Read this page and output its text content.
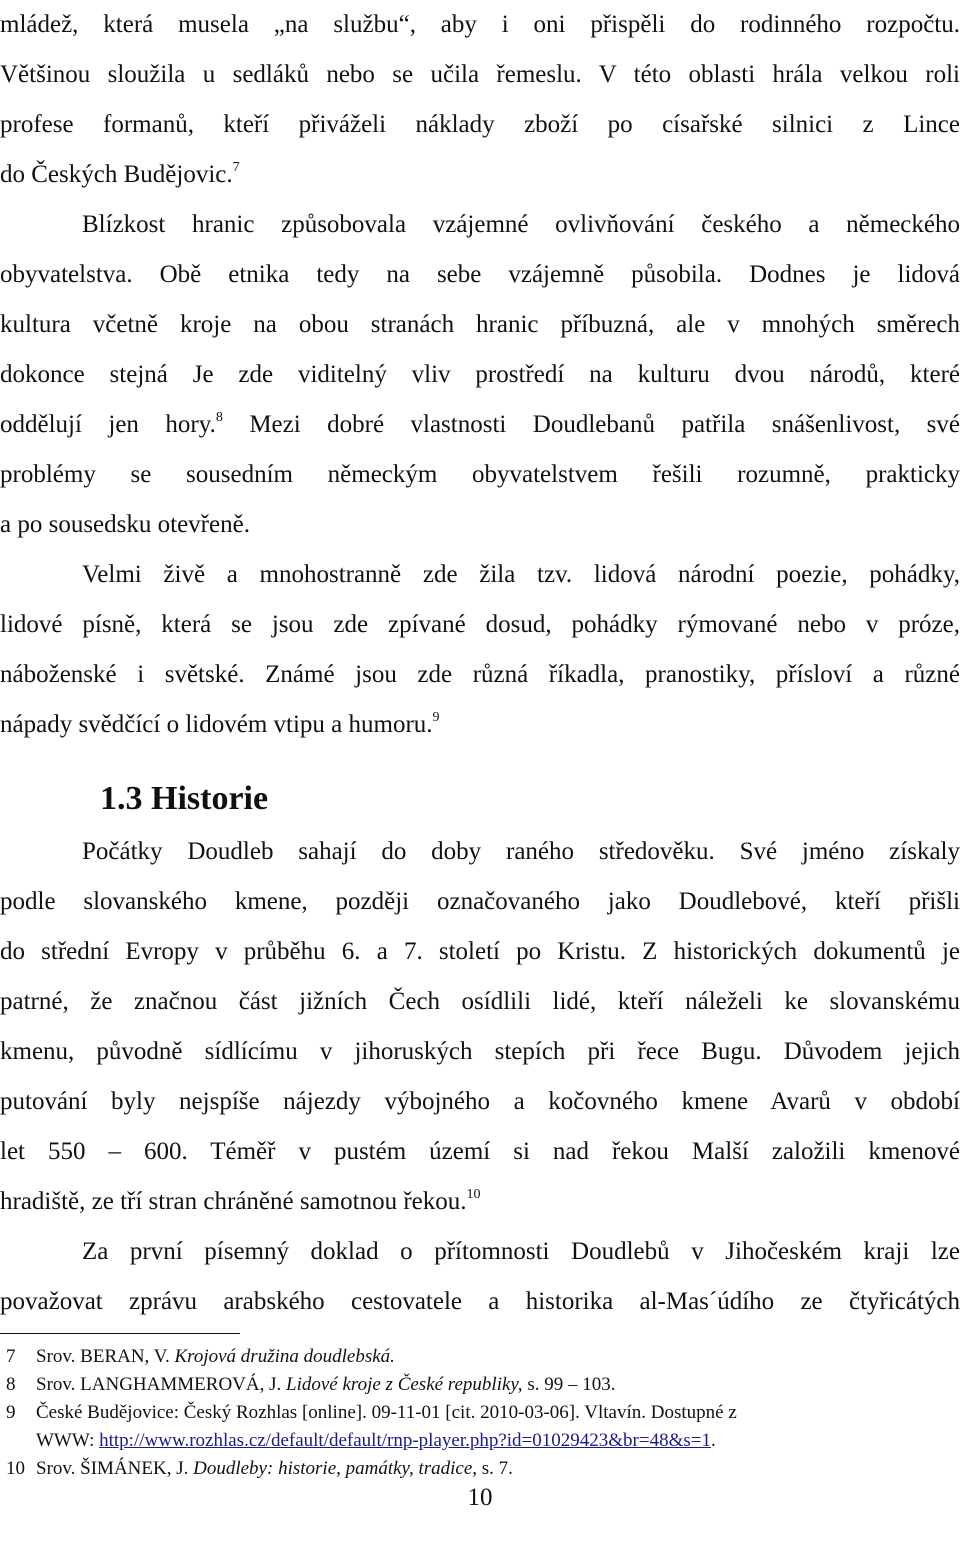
mládež, která musela „na službu“, aby i oni přispěli do rodinného rozpočtu.
Většinou sloužila u sedláků nebo se učila řemeslu. V této oblasti hrála velkou roli
profese formanů, kteří přiváželi náklady zboží po císařské silnici z Lince
do Českých Budějovic.$^7$
Blízkost hranic způsobovala vzájemné ovlivňování českého a německého
obyvatelstva. Obě etnika tedy na sebe vzájemně působila. Dodnes je lidová
kultura včetně kroje na obou stranách hranic příbuzná, ale v mnohých směrech
dokonce stejná Je zde viditelný vliv prostředí na kulturu dvou národů, které
oddělují jen hory.$^8$ Mezi dobré vlastnosti Doudlebanů patřila snášenlivost, své
problémy se sousedním německým obyvatelstvem řešili rozumně, prakticky
a po sousedsku otevřeně.
Velmi živě a mnohostranně zde žila tzv. lidová národní poezie, pohádky,
lidové písně, která se jsou zde zpívané dosud, pohádky rýmované nebo v próze,
náboženské i světské. Známé jsou zde různá říkadla, pranostiky, přísloví a různé
nápady svědčící o lidovém vtipu a humoru.$^9$
1.3 Historie
Počátky Doudleb sahají do doby raného středověku. Své jméno získaly
podle slovanského kmene, později označovaného jako Doudlebové, kteří přišli
do střední Evropy v průběhu 6. a 7. století po Kristu. Z historických dokumentů je
patrné, že značnou část jižních Čech osídlili lidé, kteří náleželi ke slovanskému
kmenu, původně sídlícímu v jihoruských stepích při řece Bugu. Důvodem jejich
putování byly nejspíše nájezdy výbojného a kočovného kmene Avarů v období
let 550 – 600. Téměř v pustém území si nad řekou Malší založili kmenové
hradiště, ze tří stran chráněné samotnou řekou.$^{10}$
Za první písemný doklad o přítomnosti Doudlebů v Jihočeském kraji lze
považovat zprávu arabského cestovatele a historika al-Mas´údího ze čtyřicátých
7 Srov. BERAN, V. Krojová družina doudlebská.
8 Srov. LANGHAMMEROVÁ, J. Lidové kroje z České republiky, s. 99 – 103.
9 České Budějovice: Český Rozhlas [online]. 09-11-01 [cit. 2010-03-06]. Vltavín. Dostupné z
WWW: http://www.rozhlas.cz/default/default/rnp-player.php?id=01029423&br=48&s=1.
10 Srov. ŠIMÁNEK, J. Doudleby: historie, památky, tradice, s. 7.
10
